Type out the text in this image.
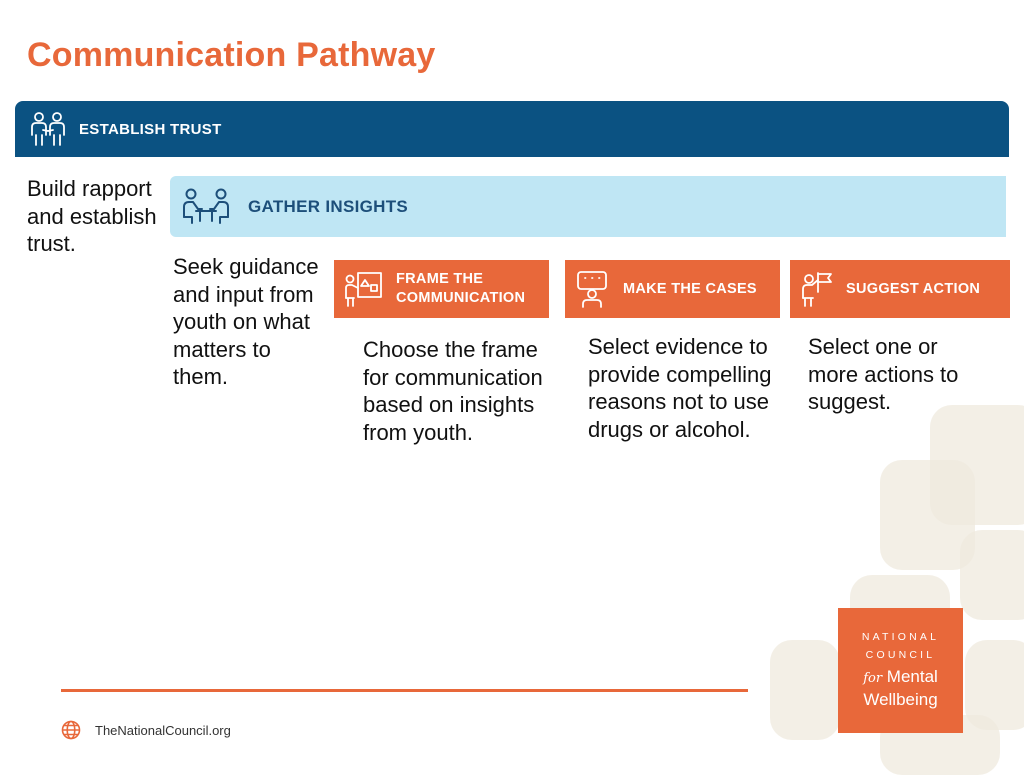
Communication Pathway
ESTABLISH TRUST
Build rapport and establish trust.
GATHER INSIGHTS
Seek guidance and input from youth on what matters to them.
FRAME THE
COMMUNICATION
Choose the frame for communication based on insights from youth.
MAKE THE CASES
Select evidence to provide compelling reasons not to use drugs or alcohol.
SUGGEST ACTION
Select one or more actions to suggest.
TheNationalCouncil.org
NATIONAL
COUNCIL
for Mental
Wellbeing
